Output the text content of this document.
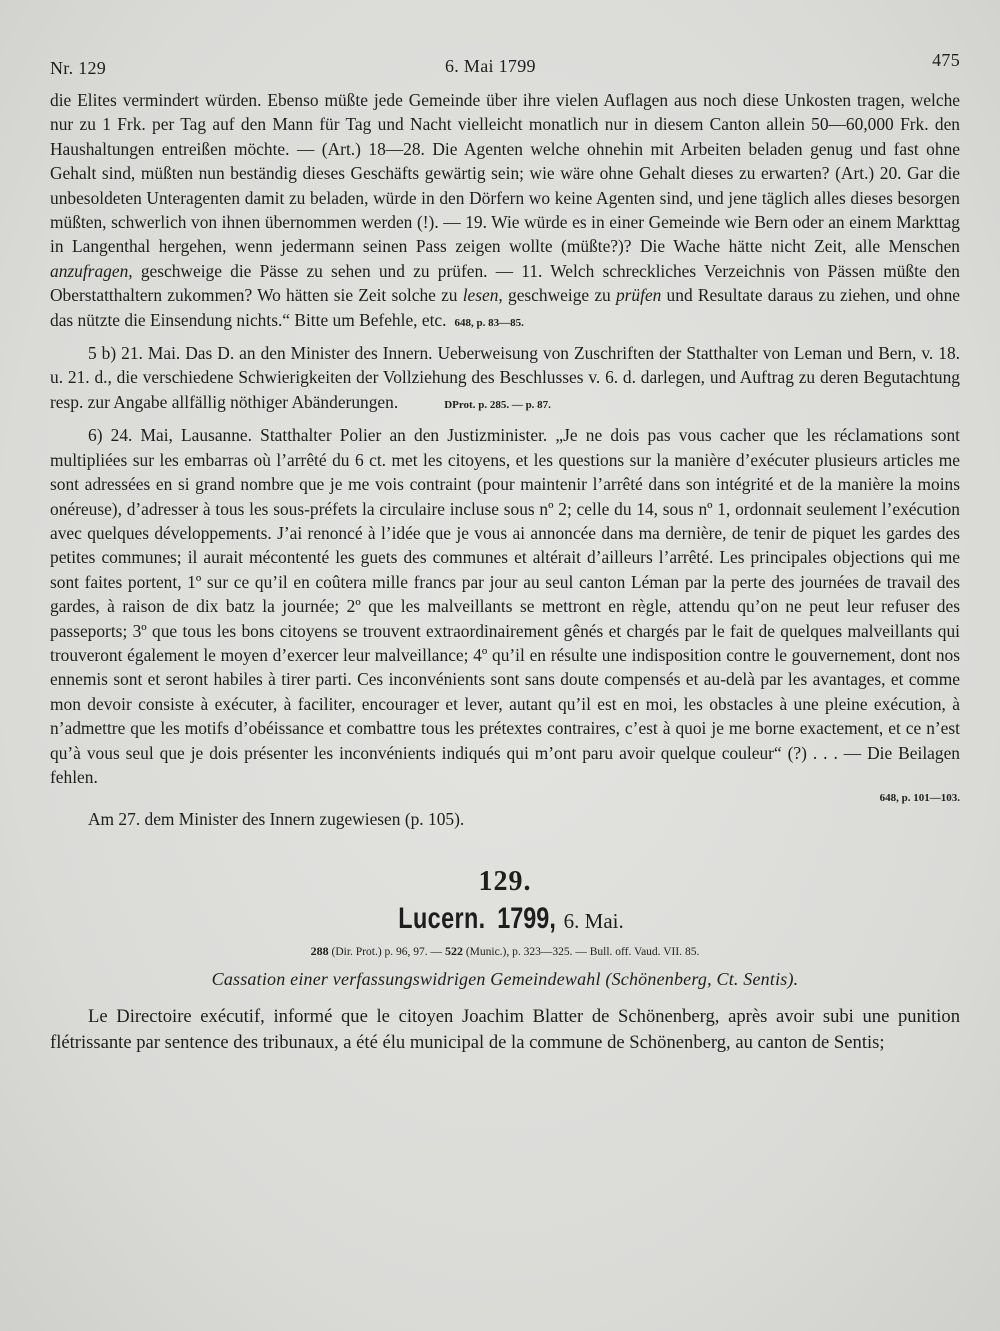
Nr. 129	6. Mai 1799	475

die Elites vermindert würden. Ebenso müßte jede Gemeinde über ihre vielen Auflagen aus noch diese Unkosten tragen, welche nur zu 1 Frk. per Tag auf den Mann für Tag und Nacht vielleicht monatlich nur in diesem Canton allein 50—60,000 Frk. den Haushaltungen entreißen möchte. — (Art.) 18—28. Die Agenten welche ohnehin mit Arbeiten beladen genug und fast ohne Gehalt sind, müßten nun beständig dieses Geschäfts gewärtig sein; wie wäre ohne Gehalt dieses zu erwarten? (Art.) 20. Gar die unbesoldeten Unteragenten damit zu beladen, würde in den Dörfern wo keine Agenten sind, und jene täglich alles dieses besorgen müßten, schwerlich von ihnen übernommen werden (!). — 19. Wie würde es in einer Gemeinde wie Bern oder an einem Markttag in Langenthal hergehen, wenn jedermann seinen Pass zeigen wollte (müßte?)? Die Wache hätte nicht Zeit, alle Menschen anzufragen, geschweige die Pässe zu sehen und zu prüfen. — 11. Welch schreckliches Verzeichnis von Pässen müßte den Oberstatthaltern zukommen? Wo hätten sie Zeit solche zu lesen, geschweige zu prüfen und Resultate daraus zu ziehen, und ohne das nützte die Einsendung nichts.“ Bitte um Befehle, etc. 648, p. 83—85.

5 b) 21. Mai. Das D. an den Minister des Innern. Ueberweisung von Zuschriften der Statthalter von Leman und Bern, v. 18. u. 21. d., die verschiedene Schwierigkeiten der Vollziehung des Beschlusses v. 6. d. darlegen, und Auftrag zu deren Begutachtung resp. zur Angabe allfällig nöthiger Abänderungen.	DProt. p. 285. — p. 87.

6) 24. Mai, Lausanne. Statthalter Polier an den Justizminister. „Je ne dois pas vous cacher que les réclamations sont multipliées sur les embarras où l’arrêté du 6 ct. met les citoyens, et les questions sur la manière d’exécuter plusieurs articles me sont adressées en si grand nombre que je me vois contraint (pour maintenir l’arrêté dans son intégrité et de la manière la moins onéreuse), d’adresser à tous les sous-préfets la circulaire incluse sous nº 2; celle du 14, sous nº 1, ordonnait seulement l’exécution avec quelques développements. J’ai renoncé à l’idée que je vous ai annoncée dans ma dernière, de tenir de piquet les gardes des petites communes; il aurait mécontenté les guets des communes et altérait d’ailleurs l’arrêté. Les principales objections qui me sont faites portent, 1º sur ce qu’il en coûtera mille francs par jour au seul canton Léman par la perte des journées de travail des gardes, à raison de dix batz la journée; 2º que les malveillants se mettront en règle, attendu qu’on ne peut leur refuser des passeports; 3º que tous les bons citoyens se trouvent extraordinairement gênés et chargés par le fait de quelques malveillants qui trouveront également le moyen d’exercer leur malveillance; 4º qu’il en résulte une indisposition contre le gouvernement, dont nos ennemis sont et seront habiles à tirer parti. Ces inconvénients sont sans doute compensés et au-delà par les avantages, et comme mon devoir consiste à exécuter, à faciliter, encourager et lever, autant qu’il est en moi, les obstacles à une pleine exécution, à n’admettre que les motifs d’obéissance et combattre tous les prétextes contraires, c’est à quoi je me borne exactement, et ce n’est qu’à vous seul que je dois présenter les inconvénients indiqués qui m’ont paru avoir quelque couleur“ (?) . . . — Die Beilagen fehlen.

648, p. 101—103.

Am 27. dem Minister des Innern zugewiesen (p. 105).

129.
Lucern. 1799, 6. Mai.
288 (Dir. Prot.) p. 96, 97. — 522 (Munic.), p. 323—325. — Bull. off. Vaud. VII. 85.
Cassation einer verfassungswidrigen Gemeindewahl (Schönenberg, Ct. Sentis).

Le Directoire exécutif, informé que le citoyen Joachim Blatter de Schönenberg, après avoir subi une punition flétrissante par sentence des tribunaux, a été élu municipal de la commune de Schönenberg, au canton de Sentis;
